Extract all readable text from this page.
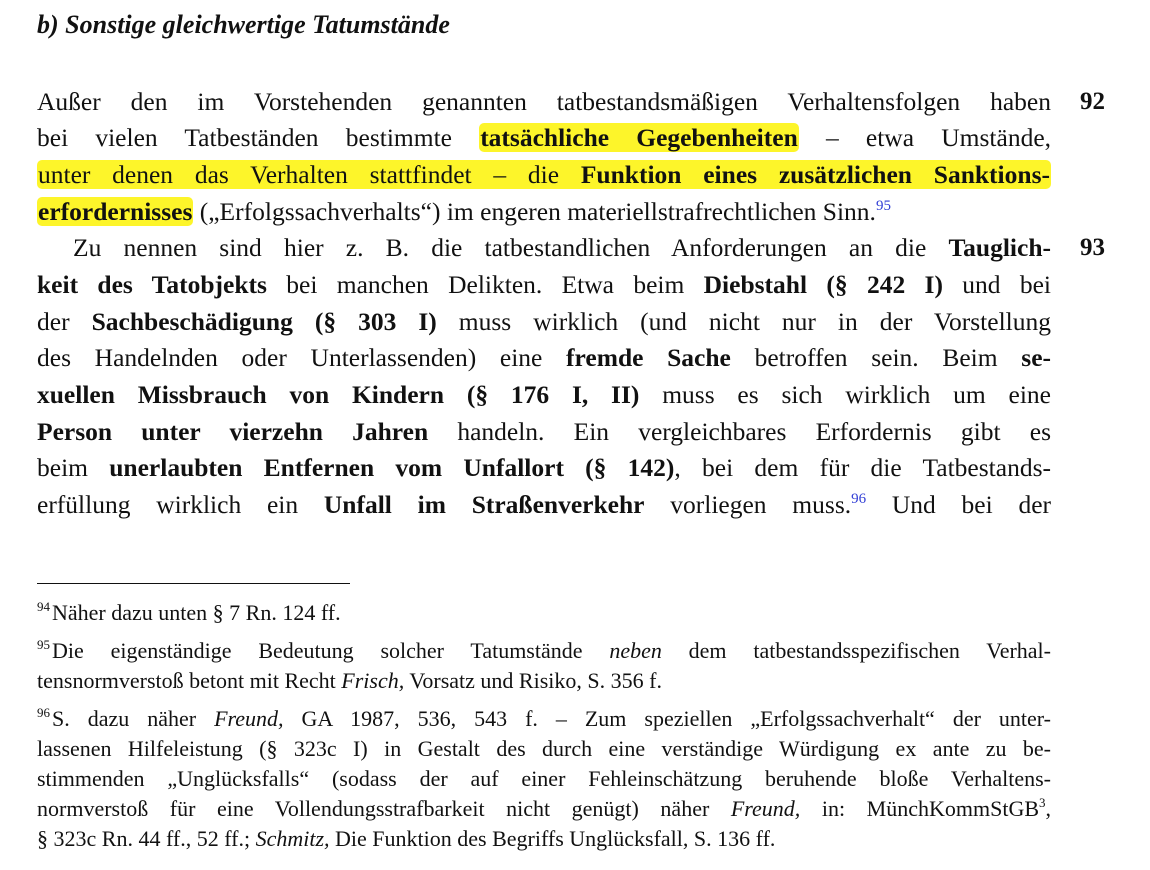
b) Sonstige gleichwertige Tatumstände
92
Außer den im Vorstehenden genannten tatbestandsmäßigen Verhaltensfolgen haben
bei vielen Tatbeständen bestimmte tatsächliche Gegebenheiten – etwa Umstände,
unter denen das Verhalten stattfindet – die Funktion eines zusätzlichen Sanktions-
erfordernisses („Erfolgssachverhalts“) im engeren materiellstrafrechtlichen Sinn.$^{95}$
93
Zu nennen sind hier z. B. die tatbestandlichen Anforderungen an die Tauglich-
keit des Tatobjekts bei manchen Delikten. Etwa beim Diebstahl (§ 242 I) und bei
der Sachbeschädigung (§ 303 I) muss wirklich (und nicht nur in der Vorstellung
des Handelnden oder Unterlassenden) eine fremde Sache betroffen sein. Beim se-
xuellen Missbrauch von Kindern (§ 176 I, II) muss es sich wirklich um eine
Person unter vierzehn Jahren handeln. Ein vergleichbares Erfordernis gibt es
beim unerlaubten Entfernen vom Unfallort (§ 142), bei dem für die Tatbestands-
erfüllung wirklich ein Unfall im Straßenverkehr vorliegen muss.$^{96}$ Und bei der
$^{94}$Näher dazu unten § 7 Rn. 124 ff.
$^{95}$Die eigenständige Bedeutung solcher Tatumstände neben dem tatbestandsspezifischen Verhal-
tensnormverstoß betont mit Recht Frisch, Vorsatz und Risiko, S. 356 f.
$^{96}$S. dazu näher Freund, GA 1987, 536, 543 f. – Zum speziellen „Erfolgssachverhalt“ der unter-
lassenen Hilfeleistung (§ 323c I) in Gestalt des durch eine verständige Würdigung ex ante zu be-
stimmenden „Unglücksfalls“ (sodass der auf einer Fehleinschätzung beruhende bloße Verhaltens-
normverstoß für eine Vollendungsstrafbarkeit nicht genügt) näher Freund, in: MünchKommStGB$^3$,
§ 323c Rn. 44 ff., 52 ff.; Schmitz, Die Funktion des Begriffs Unglücksfall, S. 136 ff.
